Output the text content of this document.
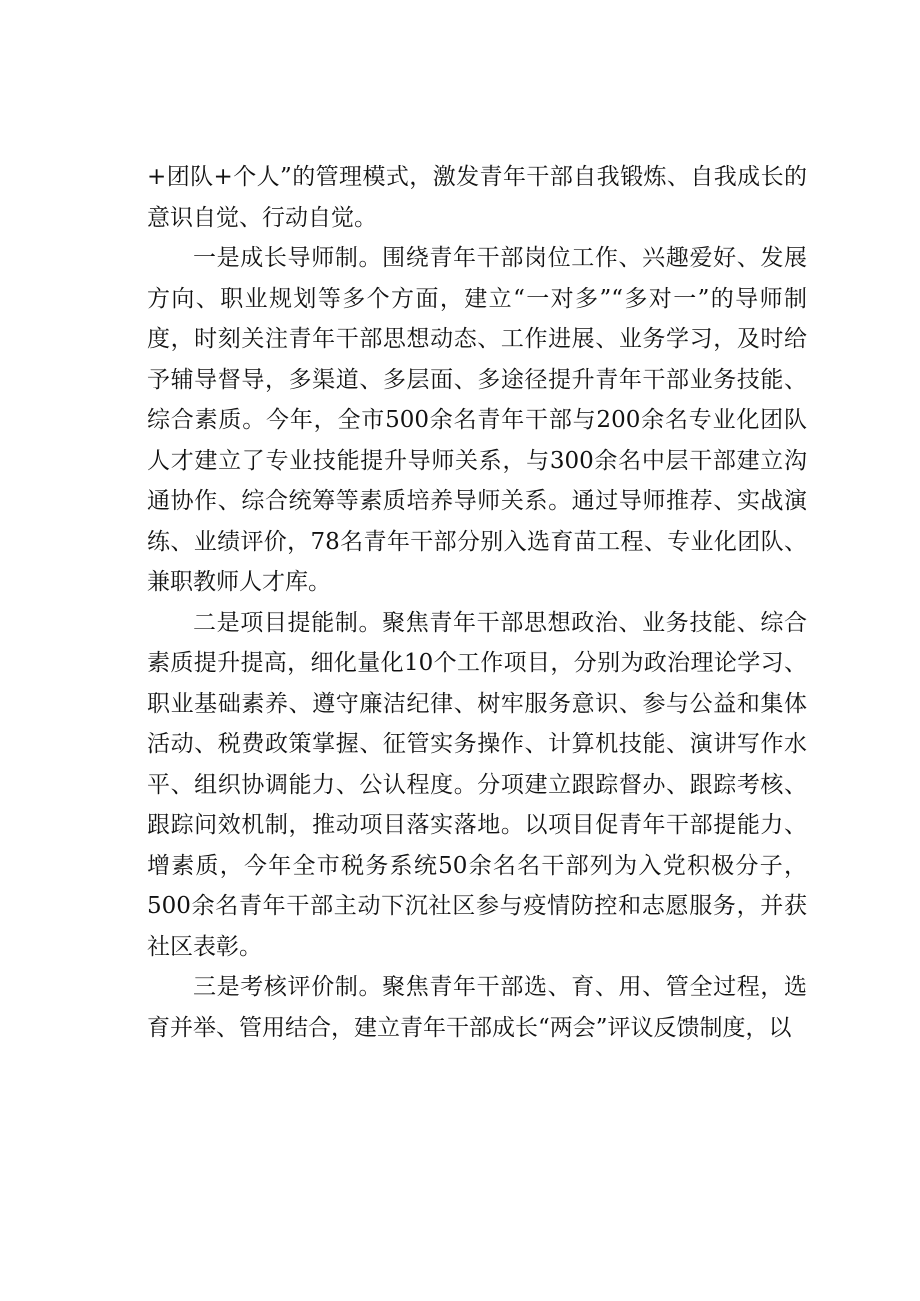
+团队+个人”的管理模式，激发青年干部自我锻炼、自我成长的意识自觉、行动自觉。

一是成长导师制。围绕青年干部岗位工作、兴趣爱好、发展方向、职业规划等多个方面，建立“一对多”“多对一”的导师制度，时刻关注青年干部思想动态、工作进展、业务学习，及时给予辅导督导，多渠道、多层面、多途径提升青年干部业务技能、综合素质。今年，全市500余名青年干部与200余名专业化团队人才建立了专业技能提升导师关系，与300余名中层干部建立沟通协作、综合统筹等素质培养导师关系。通过导师推荐、实战演练、业绩评价，78名青年干部分别入选育苗工程、专业化团队、兼职教师人才库。

二是项目提能制。聚焦青年干部思想政治、业务技能、综合素质提升提高，细化量化10个工作项目，分别为政治理论学习、职业基础素养、遵守廉洁纪律、树牢服务意识、参与公益和集体活动、税费政策掌握、征管实务操作、计算机技能、演讲写作水平、组织协调能力、公认程度。分项建立跟踪督办、跟踪考核、跟踪问效机制，推动项目落实落地。以项目促青年干部提能力、增素质，今年全市税务系统50余名名干部列为入党积极分子，500余名青年干部主动下沉社区参与疫情防控和志愿服务，并获社区表彰。

三是考核评价制。聚焦青年干部选、育、用、管全过程，选育并举、管用结合，建立青年干部成长“两会”评议反馈制度，以
